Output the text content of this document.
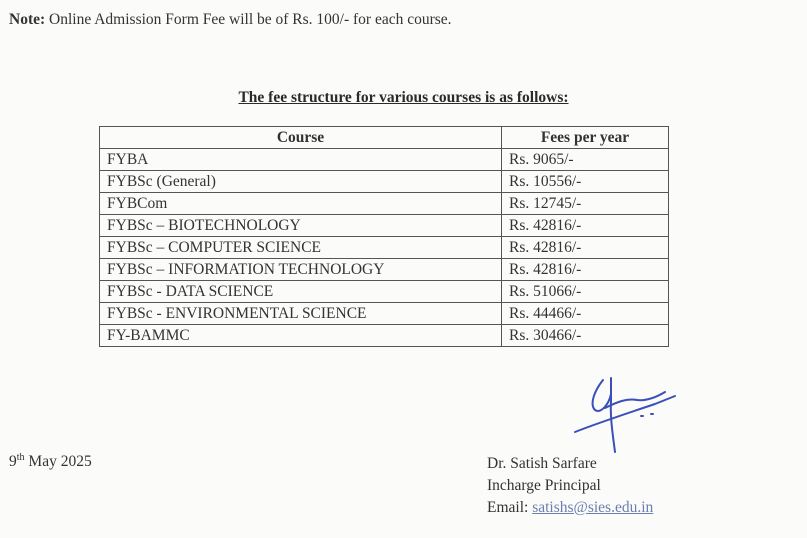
Note: Online Admission Form Fee will be of Rs. 100/- for each course.
The fee structure for various courses is as follows:
Course	Fees per year
FYBA	Rs. 9065/-
FYBSc (General)	Rs. 10556/-
FYBCom	Rs. 12745/-
FYBSc – BIOTECHNOLOGY	Rs. 42816/-
FYBSc – COMPUTER SCIENCE	Rs. 42816/-
FYBSc – INFORMATION TECHNOLOGY	Rs. 42816/-
FYBSc - DATA SCIENCE	Rs. 51066/-
FYBSc - ENVIRONMENTAL SCIENCE	Rs. 44466/-
FY-BAMMC	Rs. 30466/-
9th May 2025	Dr. Satish Sarfare
Incharge Principal
Email: satishs@sies.edu.in
